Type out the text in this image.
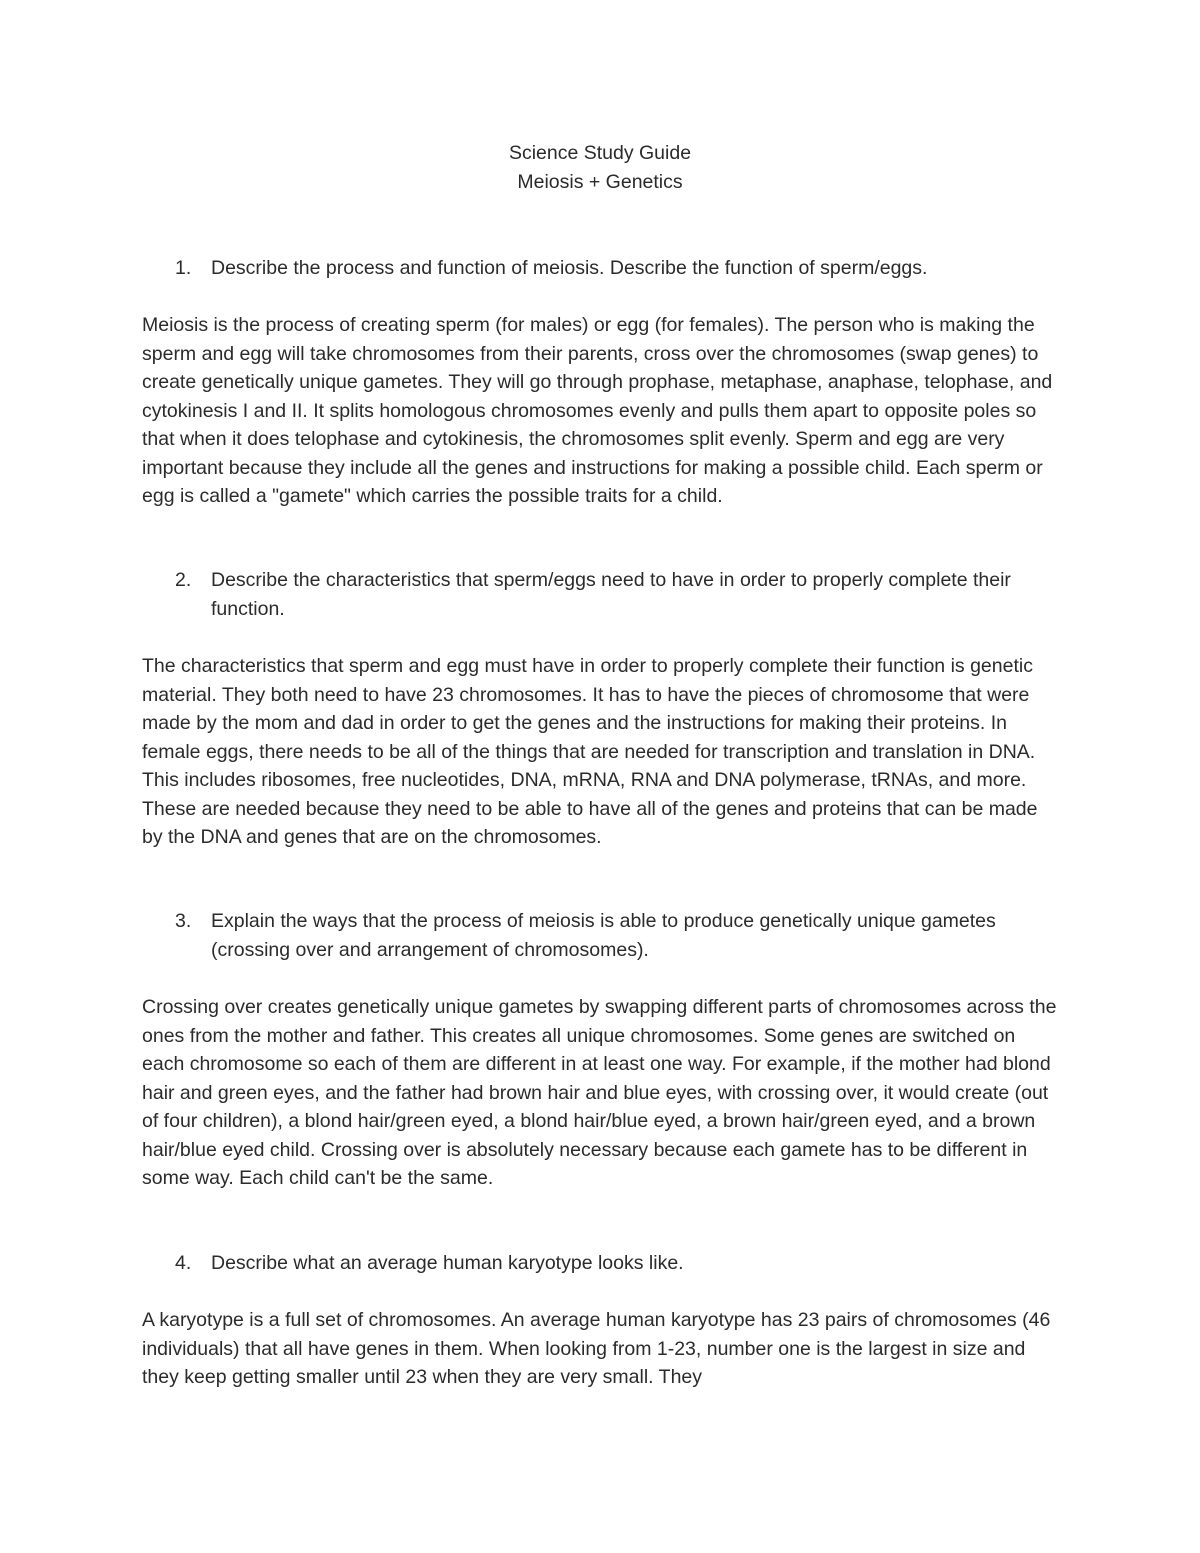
Science Study Guide
Meiosis + Genetics
1. Describe the process and function of meiosis. Describe the function of sperm/eggs.

Meiosis is the process of creating sperm (for males) or egg (for females). The person who is making the sperm and egg will take chromosomes from their parents, cross over the chromosomes (swap genes) to create genetically unique gametes. They will go through prophase, metaphase, anaphase, telophase, and cytokinesis I and II. It splits homologous chromosomes evenly and pulls them apart to opposite poles so that when it does telophase and cytokinesis, the chromosomes split evenly. Sperm and egg are very important because they include all the genes and instructions for making a possible child. Each sperm or egg is called a "gamete" which carries the possible traits for a child.

2. Describe the characteristics that sperm/eggs need to have in order to properly complete their function.

The characteristics that sperm and egg must have in order to properly complete their function is genetic material. They both need to have 23 chromosomes. It has to have the pieces of chromosome that were made by the mom and dad in order to get the genes and the instructions for making their proteins. In female eggs, there needs to be all of the things that are needed for transcription and translation in DNA. This includes ribosomes, free nucleotides, DNA, mRNA, RNA and DNA polymerase, tRNAs, and more. These are needed because they need to be able to have all of the genes and proteins that can be made by the DNA and genes that are on the chromosomes.

3. Explain the ways that the process of meiosis is able to produce genetically unique gametes (crossing over and arrangement of chromosomes).

Crossing over creates genetically unique gametes by swapping different parts of chromosomes across the ones from the mother and father. This creates all unique chromosomes. Some genes are switched on each chromosome so each of them are different in at least one way. For example, if the mother had blond hair and green eyes, and the father had brown hair and blue eyes, with crossing over, it would create (out of four children), a blond hair/green eyed, a blond hair/blue eyed, a brown hair/green eyed, and a brown hair/blue eyed child. Crossing over is absolutely necessary because each gamete has to be different in some way. Each child can't be the same.

4. Describe what an average human karyotype looks like.

A karyotype is a full set of chromosomes. An average human karyotype has 23 pairs of chromosomes (46 individuals) that all have genes in them. When looking from 1-23, number one is the largest in size and they keep getting smaller until 23 when they are very small. They
